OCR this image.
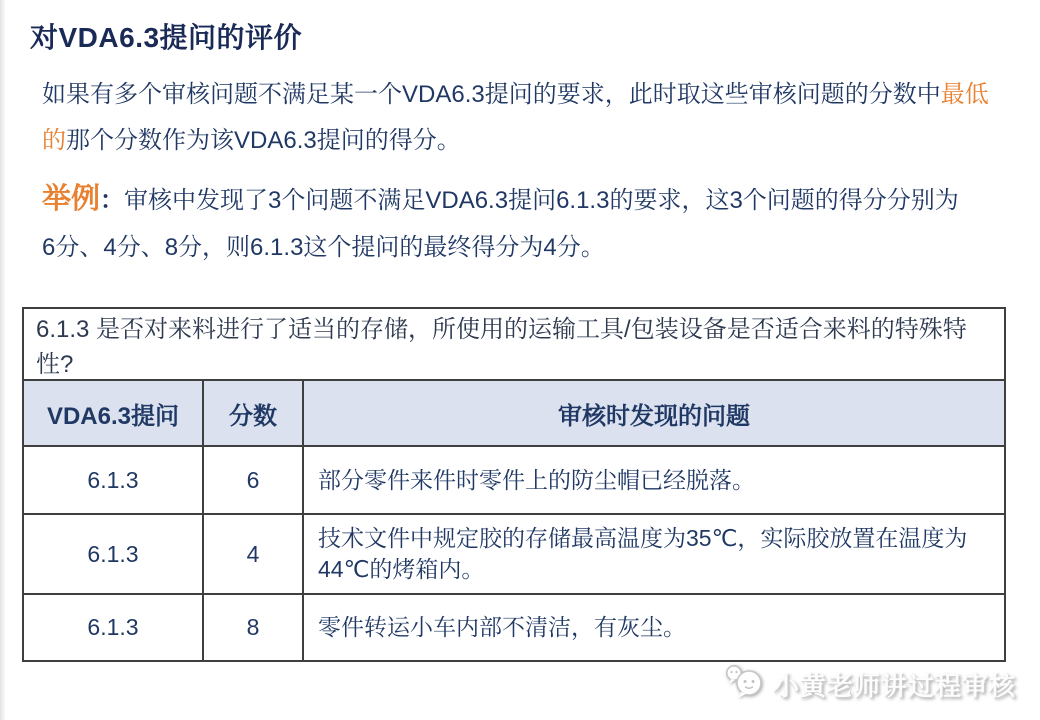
对VDA6.3提问的评价

如果有多个审核问题不满足某一个VDA6.3提问的要求，此时取这些审核问题的分数中最低的那个分数作为该VDA6.3提问的得分。

举例：审核中发现了3个问题不满足VDA6.3提问6.1.3的要求，这3个问题的得分分别为
6分、4分、8分，则6.1.3这个提问的最终得分为4分。

6.1.3 是否对来料进行了适当的存储，所使用的运输工具/包装设备是否适合来料的特殊特性?		
VDA6.3提问	分数	审核时发现的问题
6.1.3	6	部分零件来件时零件上的防尘帽已经脱落。
6.1.3	4	技术文件中规定胶的存储最高温度为35℃，实际胶放置在温度为44℃的烤箱内。
6.1.3	8	零件转运小车内部不清洁，有灰尘。
小黄老师讲过程审核
